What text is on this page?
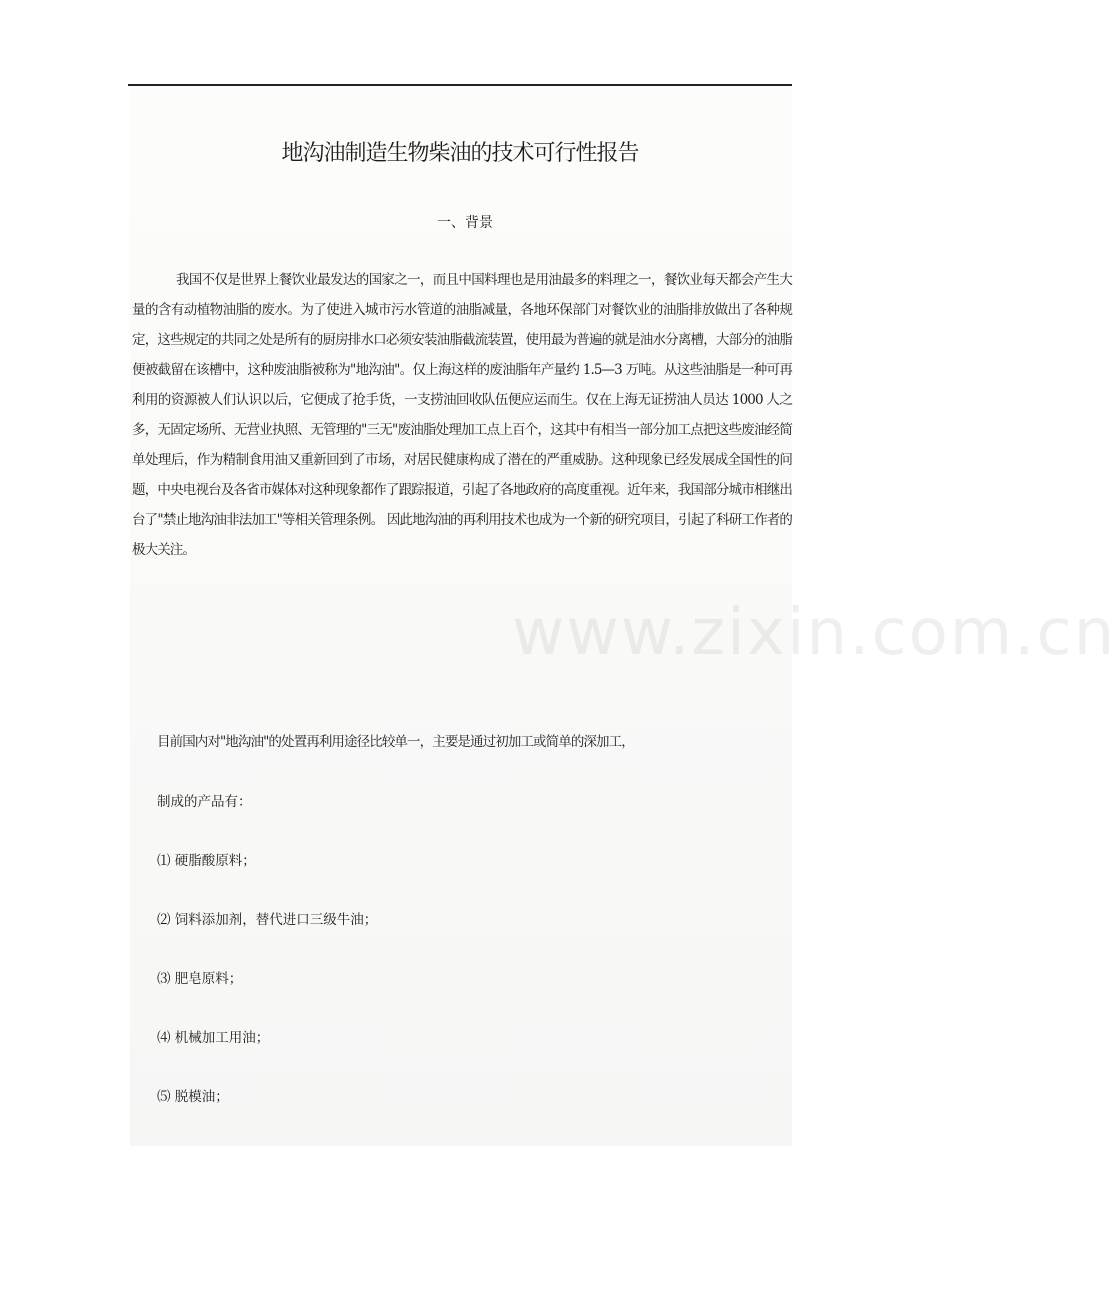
www.zixin.com.cn
地沟油制造生物柴油的技术可行性报告
一、背景

我国不仅是世界上餐饮业最发达的国家之一，而且中国料理也是用油最多的料理之一，餐饮业每天都会产生大量的含有动植物油脂的废水。为了使进入城市污水管道的油脂减量，各地环保部门对餐饮业的油脂排放做出了各种规定，这些规定的共同之处是所有的厨房排水口必须安装油脂截流装置，使用最为普遍的就是油水分离槽，大部分的油脂便被截留在该槽中，这种废油脂被称为"地沟油"。仅上海这样的废油脂年产量约 1.5—3 万吨。从这些油脂是一种可再利用的资源被人们认识以后，它便成了抢手货，一支捞油回收队伍便应运而生。仅在上海无证捞油人员达 1000 人之多，无固定场所、无营业执照、无管理的"三无"废油脂处理加工点上百个，这其中有相当一部分加工点把这些废油经简单处理后，作为精制食用油又重新回到了市场，对居民健康构成了潜在的严重威胁。这种现象已经发展成全国性的问题，中央电视台及各省市媒体对这种现象都作了跟踪报道，引起了各地政府的高度重视。近年来，我国部分城市相继出台了"禁止地沟油非法加工"等相关管理条例。 因此地沟油的再利用技术也成为一个新的研究项目，引起了科研工作者的极大关注。

目前国内对"地沟油"的处置再利用途径比较单一，主要是通过初加工或简单的深加工，

制成的产品有：
⑴ 硬脂酸原料；
⑵ 饲料添加剂，替代进口三级牛油；
⑶ 肥皂原料；
⑷ 机械加工用油；
⑸ 脱模油；
